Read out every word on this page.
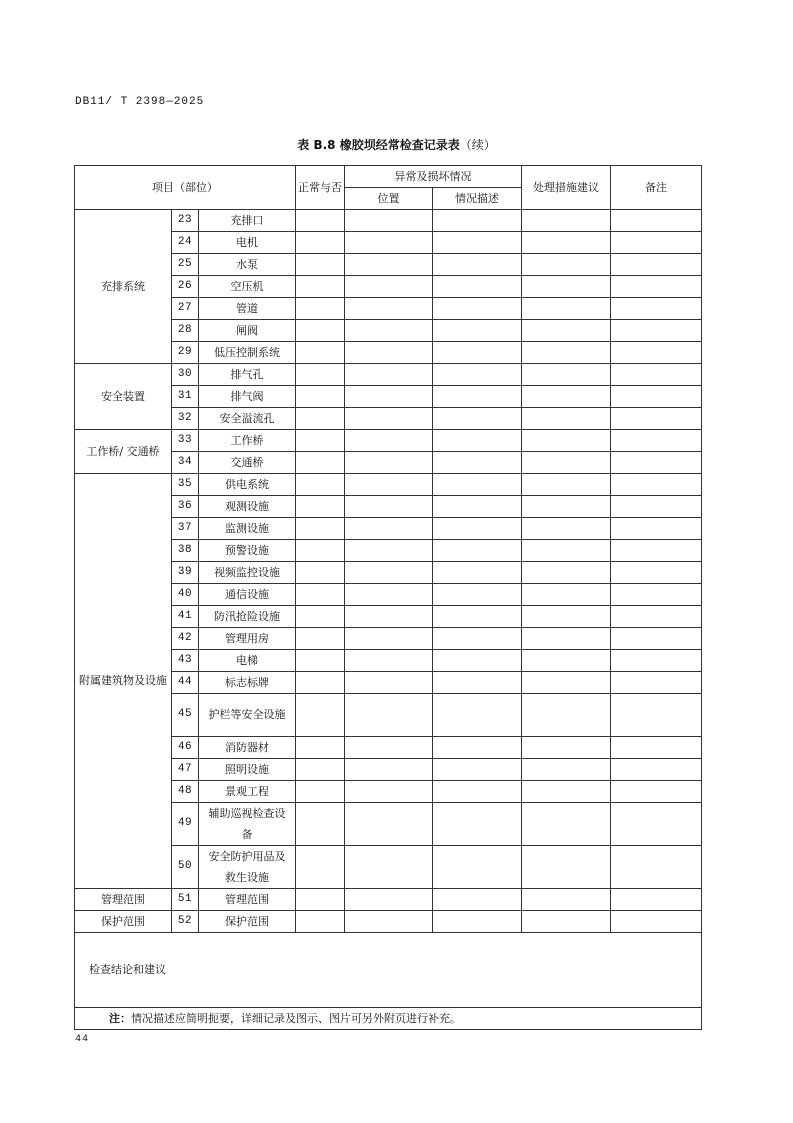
DB11/ T 2398—2025
表 B.8 橡胶坝经常检查记录表（续）
项目（部位）			正常与否	异常及损坏情况		处理措施建议	备注
				位置	情况描述		
充排系统	23	充排口					
	24	电机					
	25	水泵					
	26	空压机					
	27	管道					
	28	闸阀					
	29	低压控制系统					
安全装置	30	排气孔					
	31	排气阀					
	32	安全溢流孔					
工作桥/ 交通桥	33	工作桥					
	34	交通桥					
附属建筑物及设施	35	供电系统					
	36	观测设施					
	37	监测设施					
	38	预警设施					
	39	视频监控设施					
	40	通信设施					
	41	防汛抢险设施					
	42	管理用房					
	43	电梯					
	44	标志标牌					
	45	护栏等安全设施					
	46	消防器材					
	47	照明设施					
	48	景观工程					
	49	辅助巡视检查设备					
	50	安全防护用品及救生设施					
管理范围	51	管理范围					
保护范围	52	保护范围					
检查结论和建议							
注：情况描述应简明扼要，详细记录及图示、图片可另外附页进行补充。							
44
